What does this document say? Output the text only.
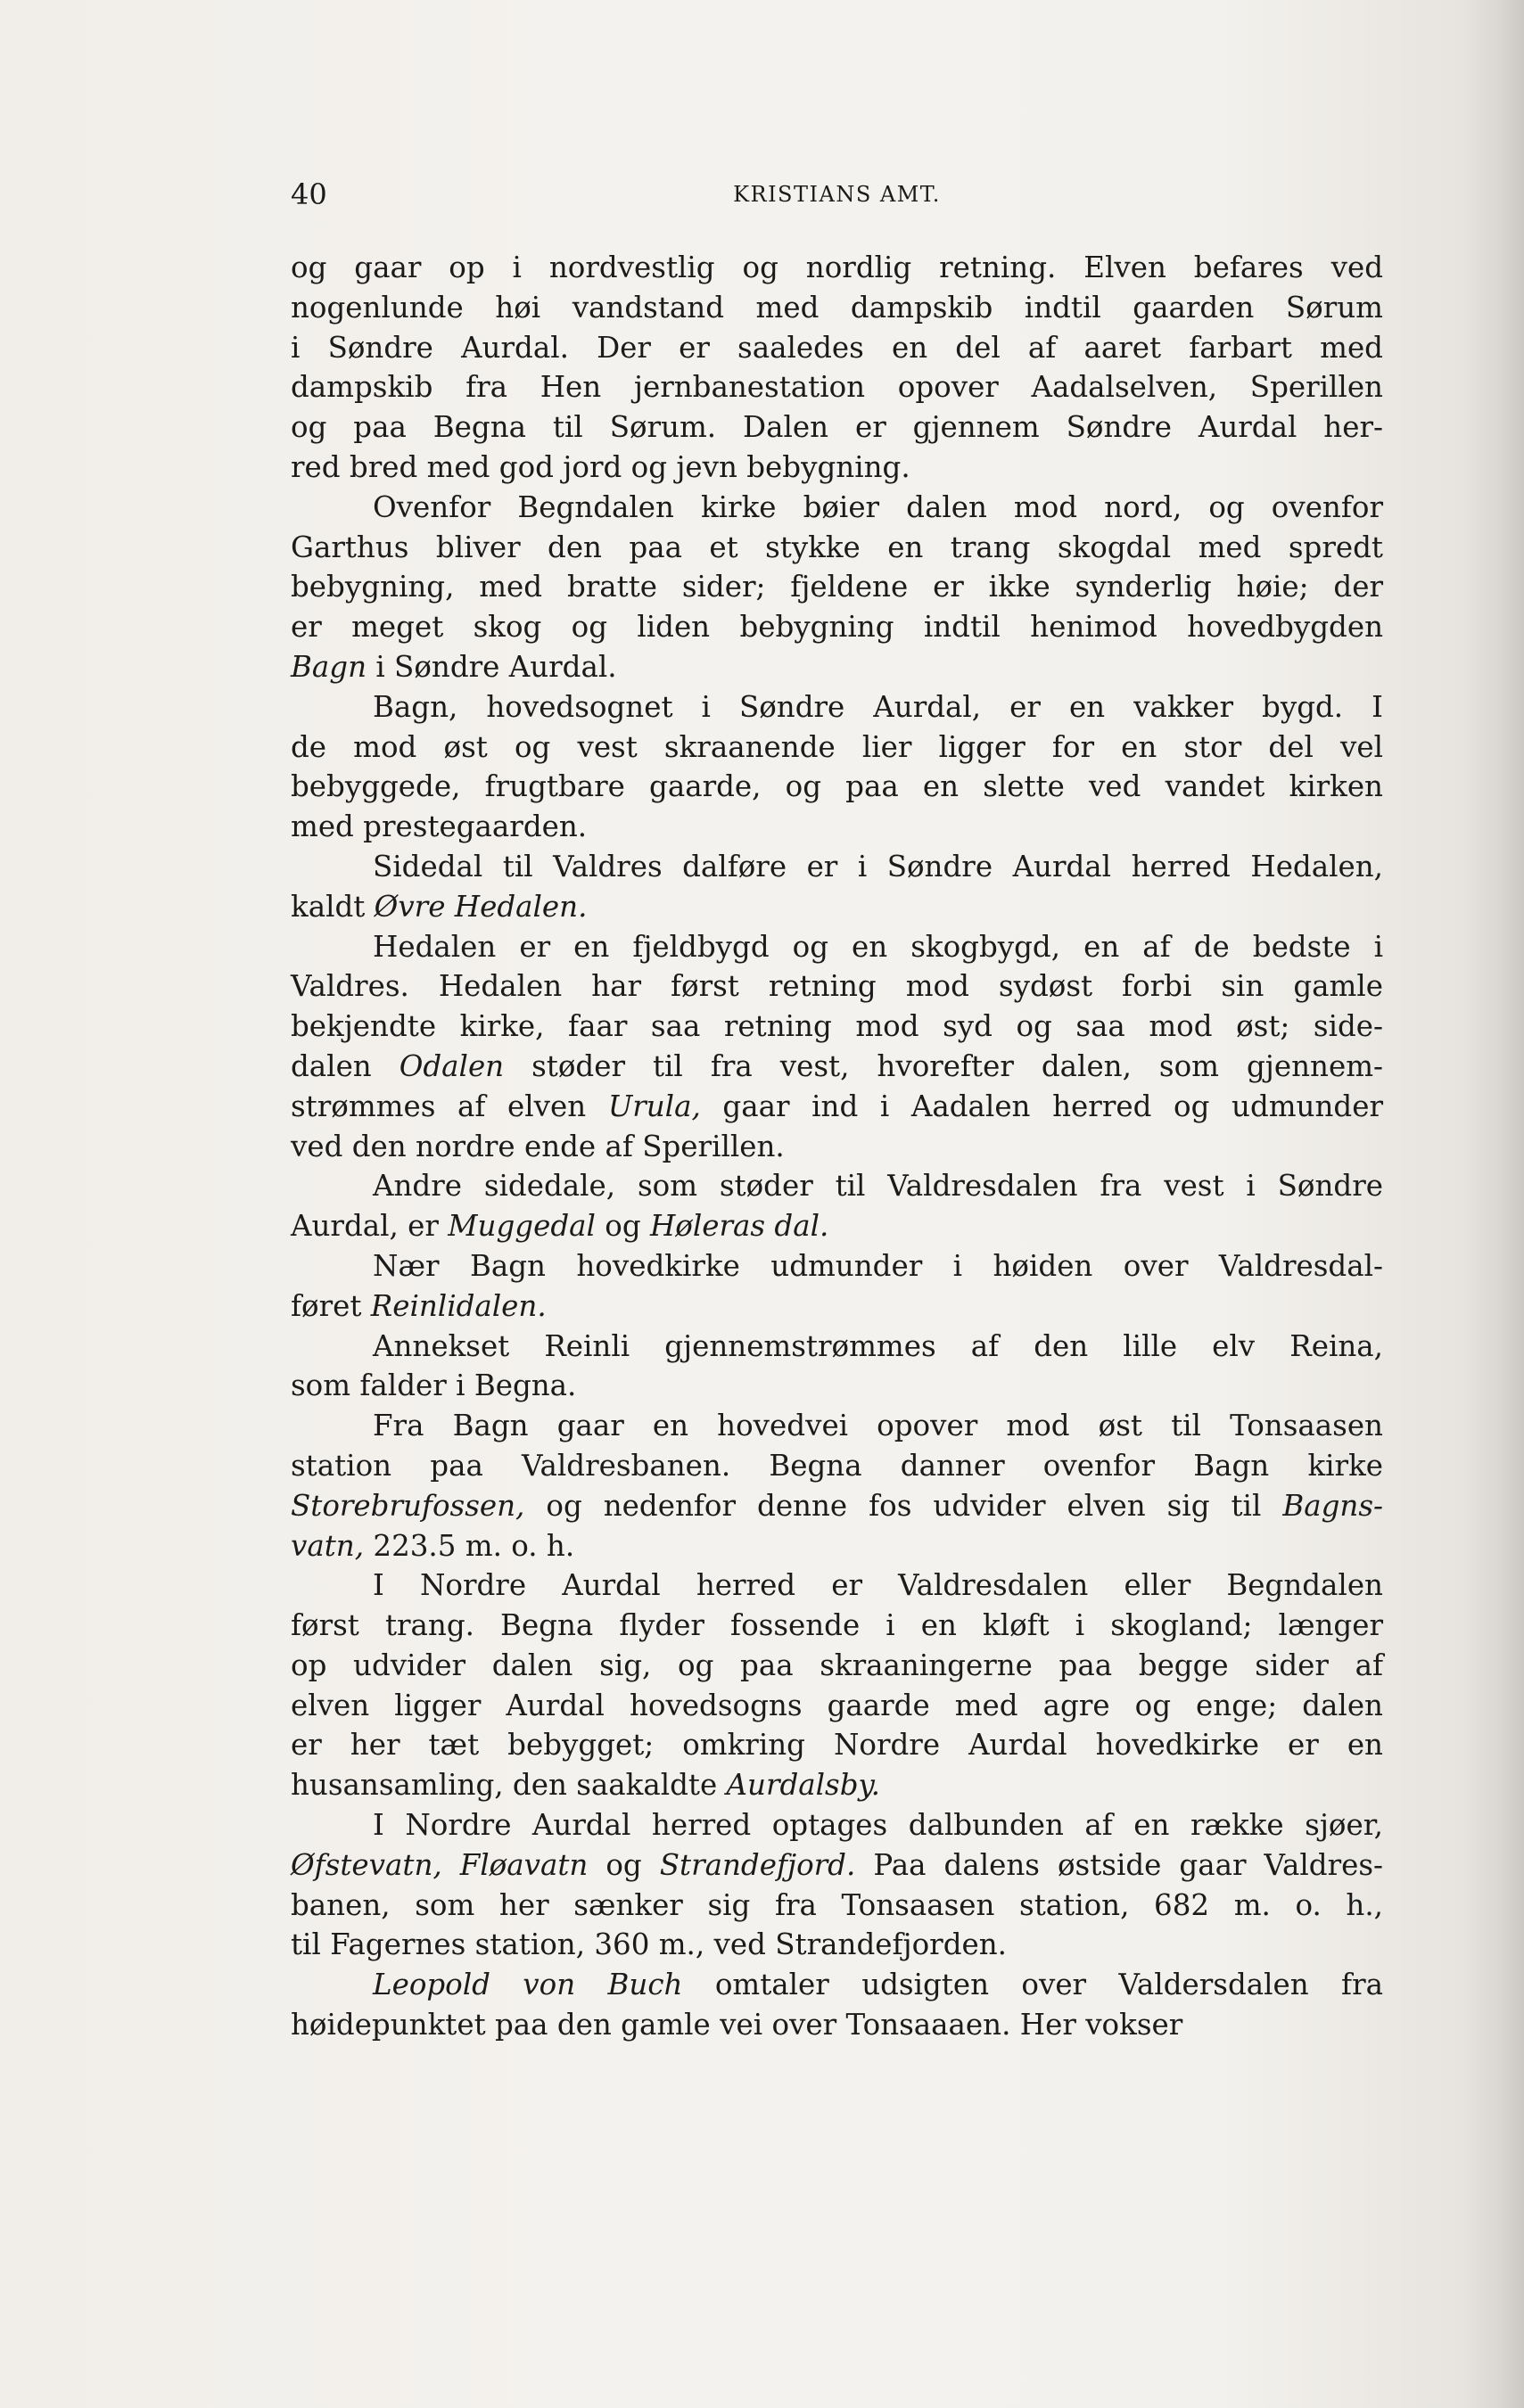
40	KRISTIANS AMT.
og gaar op i nordvestlig og nordlig retning. Elven befares ved
nogenlunde høi vandstand med dampskib indtil gaarden Sørum
i Søndre Aurdal. Der er saaledes en del af aaret farbart med
dampskib fra Hen jernbanestation opover Aadalselven, Sperillen
og paa Begna til Sørum. Dalen er gjennem Søndre Aurdal her-
red bred med god jord og jevn bebygning.
Ovenfor Begndalen kirke bøier dalen mod nord, og ovenfor
Garthus bliver den paa et stykke en trang skogdal med spredt
bebygning, med bratte sider; fjeldene er ikke synderlig høie; der
er meget skog og liden bebygning indtil henimod hovedbygden
Bagn i Søndre Aurdal.
Bagn, hovedsognet i Søndre Aurdal, er en vakker bygd. I
de mod øst og vest skraanende lier ligger for en stor del vel
bebyggede, frugtbare gaarde, og paa en slette ved vandet kirken
med prestegaarden.
Sidedal til Valdres dalføre er i Søndre Aurdal herred Hedalen,
kaldt Øvre Hedalen.
Hedalen er en fjeldbygd og en skogbygd, en af de bedste i
Valdres. Hedalen har først retning mod sydøst forbi sin gamle
bekjendte kirke, faar saa retning mod syd og saa mod øst; side-
dalen Odalen støder til fra vest, hvorefter dalen, som gjennem-
strømmes af elven Urula, gaar ind i Aadalen herred og udmunder
ved den nordre ende af Sperillen.
Andre sidedale, som støder til Valdresdalen fra vest i Søndre
Aurdal, er Muggedal og Høleras dal.
Nær Bagn hovedkirke udmunder i høiden over Valdresdal-
føret Reinlidalen.
Annekset Reinli gjennemstrømmes af den lille elv Reina,
som falder i Begna.
Fra Bagn gaar en hovedvei opover mod øst til Tonsaasen
station paa Valdresbanen. Begna danner ovenfor Bagn kirke
Storebrufossen, og nedenfor denne fos udvider elven sig til Bagns-
vatn, 223.5 m. o. h.
I Nordre Aurdal herred er Valdresdalen eller Begndalen
først trang. Begna flyder fossende i en kløft i skogland; længer
op udvider dalen sig, og paa skraaningerne paa begge sider af
elven ligger Aurdal hovedsogns gaarde med agre og enge; dalen
er her tæt bebygget; omkring Nordre Aurdal hovedkirke er en
husansamling, den saakaldte Aurdalsby.
I Nordre Aurdal herred optages dalbunden af en række sjøer,
Øfstevatn, Fløavatn og Strandefjord. Paa dalens østside gaar Valdres-
banen, som her sænker sig fra Tonsaasen station, 682 m. o. h.,
til Fagernes station, 360 m., ved Strandefjorden.
Leopold von Buch omtaler udsigten over Valdersdalen fra
høidepunktet paa den gamle vei over Tonsaaaen. Her vokser
